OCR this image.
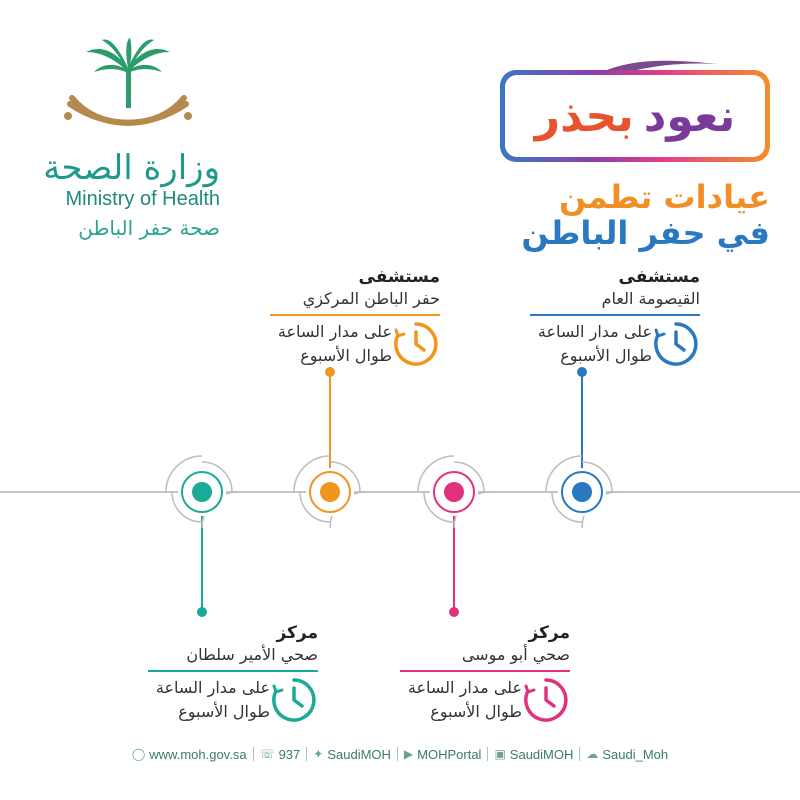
وزارة الصحة
Ministry of Health
صحة حفر الباطن
نعود
بحذر
عيادات تطمن
في حفر الباطن
مستشفى
القيصومة العام
على مدار الساعة
طوال الأسبوع
مستشفى
حفر الباطن المركزي
على مدار الساعة
طوال الأسبوع
مركز
صحي أبو موسى
على مدار الساعة
طوال الأسبوع
مركز
صحي الأمير سلطان
على مدار الساعة
طوال الأسبوع
◯ www.moh.gov.sa ☏ 937 ✦ SaudiMOH ▶ MOHPortal ▣ SaudiMOH ☁ Saudi_Moh
